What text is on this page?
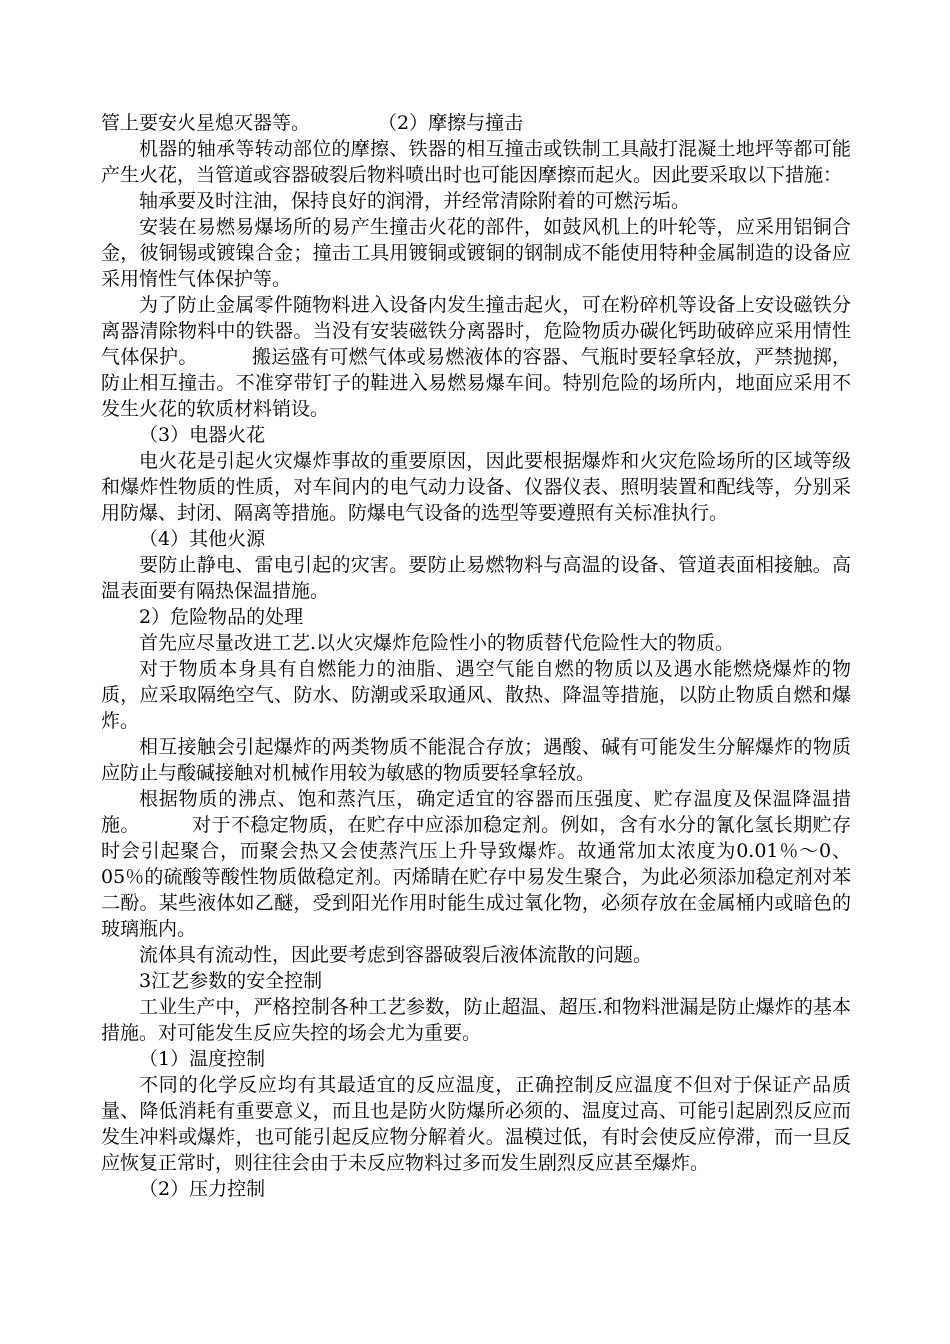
管上要安火星熄灭器等。	（2）摩擦与撞击

机器的轴承等转动部位的摩擦、铁器的相互撞击或铁制工具敲打混凝土地坪等都可能产生火花，当管道或容器破裂后物料喷出时也可能因摩擦而起火。因此要采取以下措施：

轴承要及时注油，保持良好的润滑，并经常清除附着的可燃污垢。

安装在易燃易爆场所的易产生撞击火花的部件，如鼓风机上的叶轮等，应采用铝铜合金，彼铜锡或镀镍合金；撞击工具用镀铜或镀铜的钢制成不能使用特种金属制造的设备应采用惰性气体保护等。

为了防止金属零件随物料进入设备内发生撞击起火，可在粉碎机等设备上安设磁铁分离器清除物料中的铁器。当没有安装磁铁分离器时，危险物质办碳化钙助破碎应采用情性气体保护。	搬运盛有可燃气体或易燃液体的容器、气瓶时要轻拿轻放，严禁抛掷，防止相互撞击。不准穿带钉子的鞋进入易燃易爆车间。特别危险的场所内，地面应采用不发生火花的软质材料销设。

（3）电器火花

电火花是引起火灾爆炸事故的重要原因，因此要根据爆炸和火灾危险场所的区域等级和爆炸性物质的性质，对车间内的电气动力设备、仪器仪表、照明装置和配线等，分别采用防爆、封闭、隔离等措施。防爆电气设备的选型等要遵照有关标准执行。

（4）其他火源

要防止静电、雷电引起的灾害。要防止易燃物料与高温的设备、管道表面相接触。高温表面要有隔热保温措施。

2）危险物品的处理

首先应尽量改进工艺.以火灾爆炸危险性小的物质替代危险性大的物质。

对于物质本身具有自燃能力的油脂、遇空气能自燃的物质以及遇水能燃烧爆炸的物质，应采取隔绝空气、防水、防潮或采取通风、散热、降温等措施，以防止物质自燃和爆炸。

相互接触会引起爆炸的两类物质不能混合存放；遇酸、碱有可能发生分解爆炸的物质应防止与酸碱接触对机械作用较为敏感的物质要轻拿轻放。

根据物质的沸点、饱和蒸汽压，确定适宜的容器而压强度、贮存温度及保温降温措施。	对于不稳定物质，在贮存中应添加稳定剂。例如，含有水分的氰化氢长期贮存时会引起聚合，而聚会热又会使蒸汽压上升导致爆炸。故通常加太浓度为0.01％～0、05％的硫酸等酸性物质做稳定剂。丙烯睛在贮存中易发生聚合，为此必须添加稳定剂对苯二酚。某些液体如乙醚，受到阳光作用时能生成过氧化物，必须存放在金属桶内或暗色的玻璃瓶内。

流体具有流动性，因此要考虑到容器破裂后液体流散的问题。

3江艺参数的安全控制

工业生产中，严格控制各种工艺参数，防止超温、超压.和物料泄漏是防止爆炸的基本措施。对可能发生反应失控的场会尤为重要。

（1）温度控制

不同的化学反应均有其最适宜的反应温度，正确控制反应温度不但对于保证产品质量、降低消耗有重要意义，而且也是防火防爆所必须的、温度过高、可能引起剧烈反应而发生冲料或爆炸，也可能引起反应物分解着火。温模过低，有时会使反应停滞，而一旦反应恢复正常时，则往往会由于未反应物料过多而发生剧烈反应甚至爆炸。

（2）压力控制
